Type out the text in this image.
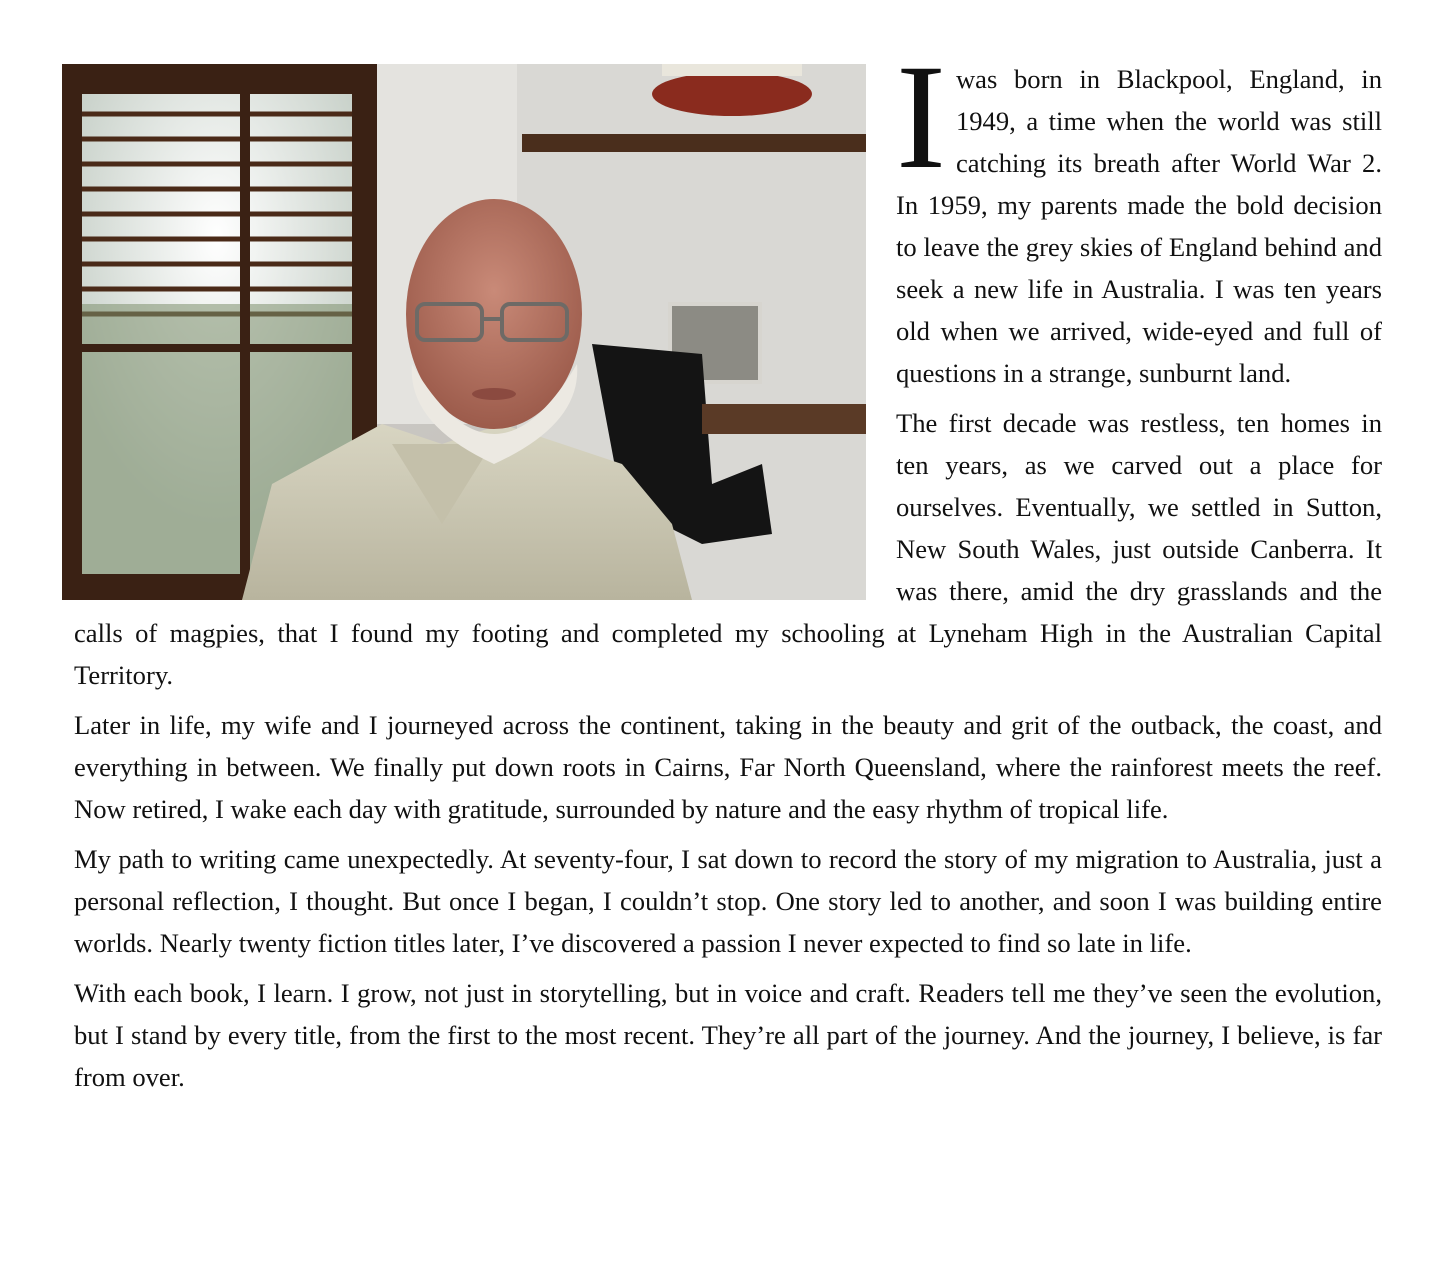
I was born in Blackpool, England, in 1949, a time when the world was still catching its breath after World War 2. In 1959, my parents made the bold decision to leave the grey skies of England behind and seek a new life in Australia. I was ten years old when we arrived, wide-eyed and full of questions in a strange, sunburnt land.

The first decade was restless, ten homes in ten years, as we carved out a place for ourselves. Eventually, we settled in Sutton, New South Wales, just outside Canberra. It was there, amid the dry grasslands and the calls of magpies, that I found my footing and completed my schooling at Lyneham High in the Australian Capital Territory.

Later in life, my wife and I journeyed across the continent, taking in the beauty and grit of the outback, the coast, and everything in between. We finally put down roots in Cairns, Far North Queensland, where the rainforest meets the reef. Now retired, I wake each day with gratitude, surrounded by nature and the easy rhythm of tropical life.

My path to writing came unexpectedly. At seventy-four, I sat down to record the story of my migration to Australia, just a personal reflection, I thought. But once I began, I couldn’t stop. One story led to another, and soon I was building entire worlds. Nearly twenty fiction titles later, I’ve discovered a passion I never expected to find so late in life.

With each book, I learn. I grow, not just in storytelling, but in voice and craft. Readers tell me they’ve seen the evolution, but I stand by every title, from the first to the most recent. They’re all part of the journey. And the journey, I believe, is far from over.
